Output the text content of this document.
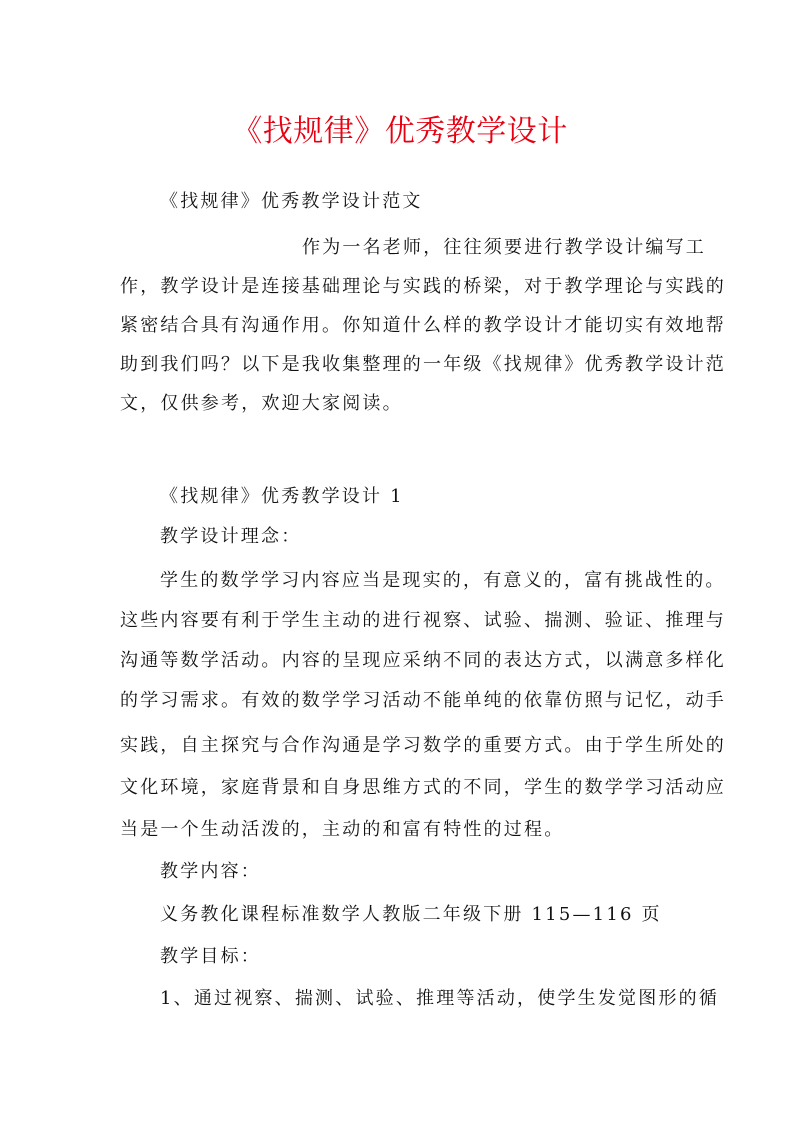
《找规律》优秀教学设计
《找规律》优秀教学设计范文
作为一名老师，往往须要进行教学设计编写工
作，教学设计是连接基础理论与实践的桥梁，对于教学理论与实践的
紧密结合具有沟通作用。你知道什么样的教学设计才能切实有效地帮
助到我们吗？以下是我收集整理的一年级《找规律》优秀教学设计范
文，仅供参考，欢迎大家阅读。
《找规律》优秀教学设计 1
教学设计理念：
学生的数学学习内容应当是现实的，有意义的，富有挑战性的。
这些内容要有利于学生主动的进行视察、试验、揣测、验证、推理与
沟通等数学活动。内容的呈现应采纳不同的表达方式，以满意多样化
的学习需求。有效的数学学习活动不能单纯的依靠仿照与记忆，动手
实践，自主探究与合作沟通是学习数学的重要方式。由于学生所处的
文化环境，家庭背景和自身思维方式的不同，学生的数学学习活动应
当是一个生动活泼的，主动的和富有特性的过程。
教学内容：
义务教化课程标准数学人教版二年级下册 115—116 页
教学目标：
1、通过视察、揣测、试验、推理等活动，使学生发觉图形的循
